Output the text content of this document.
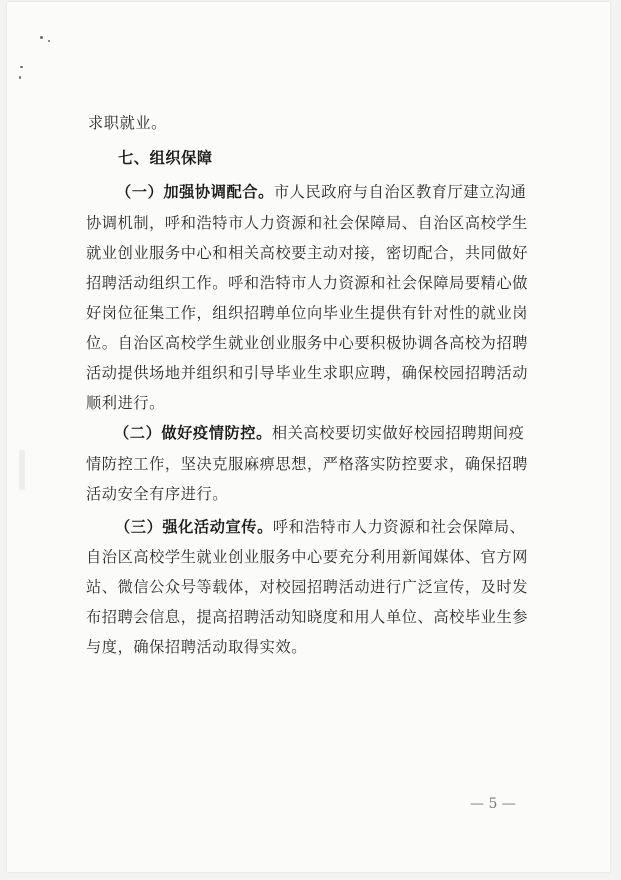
求职就业。
七、组织保障
（一）加强协调配合。市人民政府与自治区教育厅建立沟通
协调机制，呼和浩特市人力资源和社会保障局、自治区高校学生
就业创业服务中心和相关高校要主动对接，密切配合，共同做好
招聘活动组织工作。呼和浩特市人力资源和社会保障局要精心做
好岗位征集工作，组织招聘单位向毕业生提供有针对性的就业岗
位。自治区高校学生就业创业服务中心要积极协调各高校为招聘
活动提供场地并组织和引导毕业生求职应聘，确保校园招聘活动
顺利进行。
（二）做好疫情防控。相关高校要切实做好校园招聘期间疫
情防控工作，坚决克服麻痹思想，严格落实防控要求，确保招聘
活动安全有序进行。
（三）强化活动宣传。呼和浩特市人力资源和社会保障局、
自治区高校学生就业创业服务中心要充分利用新闻媒体、官方网
站、微信公众号等载体，对校园招聘活动进行广泛宣传，及时发
布招聘会信息，提高招聘活动知晓度和用人单位、高校毕业生参
与度，确保招聘活动取得实效。
— 5 —
